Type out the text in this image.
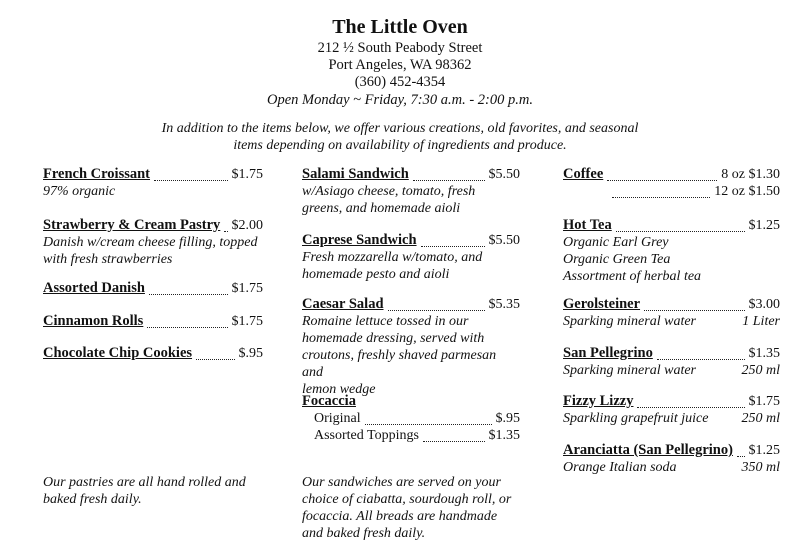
The Little Oven
212 ½ South Peabody Street
Port Angeles, WA 98362
(360) 452-4354
Open Monday ~ Friday, 7:30 a.m. - 2:00 p.m.
In addition to the items below, we offer various creations, old favorites, and seasonal items depending on availability of ingredients and produce.
French Croissant	$1.75
97% organic
Strawberry & Cream Pastry $2.00
Danish w/cream cheese filling, topped
with fresh strawberries
Assorted Danish	$1.75
Cinnamon Rolls	$1.75
Chocolate Chip Cookies	$.95
Salami Sandwich	$5.50
w/Asiago cheese, tomato, fresh
greens, and homemade aioli
Caprese Sandwich	$5.50
Fresh mozzarella w/tomato, and
homemade pesto and aioli
Caesar Salad	$5.35
Romaine lettuce tossed in our
homemade dressing, served with
croutons, freshly shaved parmesan and
lemon wedge
Focaccia
Original	$.95
Assorted Toppings	$1.35
Coffee	8 oz $1.30
12 oz $1.50
Hot Tea	$1.25
Organic Earl Grey
Organic Green Tea
Assortment of herbal tea
Gerolsteiner	$3.00
Sparking mineral water	1 Liter
San Pellegrino	$1.35
Sparking mineral water	250 ml
Fizzy Lizzy	$1.75
Sparkling grapefruit juice 250 ml
Aranciatta (San Pellegrino) $1.25
Orange Italian soda	350 ml
Our pastries are all hand rolled and
baked fresh daily.
Our sandwiches are served on your
choice of ciabatta, sourdough roll, or
focaccia. All breads are handmade
and baked fresh daily.
